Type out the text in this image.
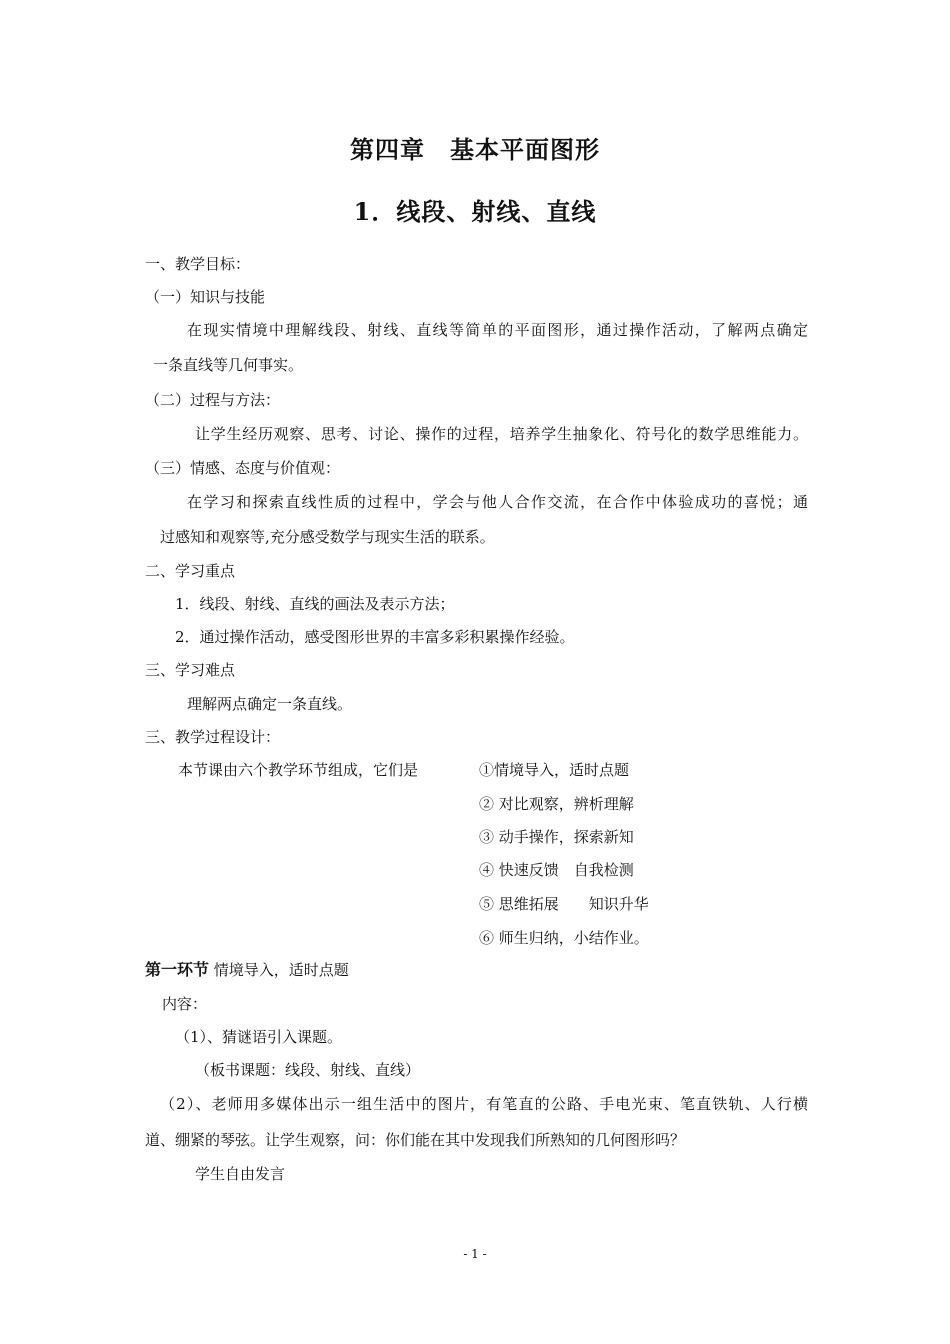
第四章　基本平面图形
1．线段、射线、直线
一、教学目标：
（一）知识与技能
在现实情境中理解线段、射线、直线等简单的平面图形，通过操作活动，了解两点确定
一条直线等几何事实。
（二）过程与方法：
让学生经历观察、思考、讨论、操作的过程，培养学生抽象化、符号化的数学思维能力。
（三）情感、态度与价值观：
在学习和探索直线性质的过程中，学会与他人合作交流，在合作中体验成功的喜悦；通
过感知和观察等,充分感受数学与现实生活的联系。
二、学习重点
1．线段、射线、直线的画法及表示方法；
2．通过操作活动，感受图形世界的丰富多彩积累操作经验。
三、学习难点
理解两点确定一条直线。
三、教学过程设计：
本节课由六个教学环节组成，它们是	①情境导入，适时点题
② 对比观察，辨析理解
③ 动手操作，探索新知
④ 快速反馈　自我检测
⑤ 思维拓展　　知识升华
⑥ 师生归纳，小结作业。
第一环节 情境导入，适时点题
内容：
（1）、猜谜语引入课题。
（板书课题：线段、射线、直线）
（2）、老师用多媒体出示一组生活中的图片，有笔直的公路、手电光束、笔直铁轨、人行横
道、绷紧的琴弦。让学生观察，问：你们能在其中发现我们所熟知的几何图形吗？
学生自由发言
- 1 -
